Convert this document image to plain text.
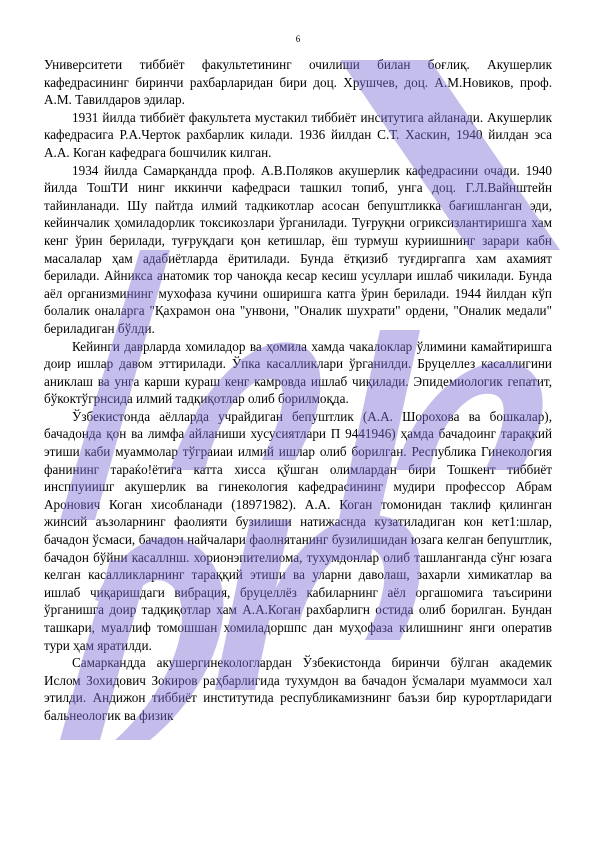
6

Университети тиббиёт факультетининг очилиши билан боғлиқ. Акушерлик кафедрасининг биринчи рахбарларидан бири доц. Хрушчев, доц. А.М.Новиков, проф. А.М. Тавилдаров эдилар.

1931 йилда тиббиёт факультета мустакил тиббиёт инситутига айланади. Акушерлик кафедрасига Р.А.Черток рахбарлик килади. 1936 йилдан С.Т. Хаскин, 1940 йилдан эса А.А. Коган кафедрага бошчилик килган.

1934 йилда Самарқандда проф. А.В.Поляков акушерлик кафедрасини очади. 1940 йилда ТошТИ нинг иккинчи кафедраси ташкил топиб, унга доц. Г.Л.Вайнштейн тайинланади. Шу пайтда илмий тадкикотлар асосан бепуштликка бағишланган эди, кейинчалик ҳомиладорлик токсикозлари ўрганилади. Туғруқни огриксизлантиришга хам кенг ўрин берилади, туғруқдаги қон кетишлар, ёш турмуш куриишнинг зарари кабн масалалар ҳам адабиётларда ёритилади. Бунда ётқизиб туғдиргапга хам ахамият берилади. Айникса анатомик тор чаноқда кесар кесиш усуллари ишлаб чикилади. Бунда аёл организмининг мухофаза кучини оширишга катга ўрин берилади. 1944 йилдан кўп болалик оналарга "Қахрамон она "унвони, "Оналик шухрати" ордени, "Оналик медали" бериладиган бўлди.

Кейинги даврларда хомиладор ва ҳомила хамда чакалоклар ўлимини камайтиришга доир ишлар давом эттирилади. Ўпка касалликлари ўрганилди. Бруцеллез касаллигини аниклаш ва унга карши кураш кенг камровда ишлаб чиқилади. Эпидемиологик гепатит, бўкоктўгрнсида илмий тадқиқотлар олиб борилмоқда.

Ўзбекистонда аёлларда учрайдиган бепуштлик (А.А. Шорохова ва бошкалар), бачадонда қон ва лимфа айланиши хусусиятлари П 9441946) ҳамда бачадоинг тарақкий этиши каби муаммолар тўграиаи илмий ишлар олиб борилган. Республика Гинекология фанининг тараќо!ётига катта хисса қўшган олимлардан бири Тошкент тиббиёт инсппуиишг акушерлик ва гинекология кафедрасининг мудири профессор Абрам Аронович Коган хисобланади (18971982). А.А. Коган томонидан таклиф қилинган жинсий аъзоларнинг фаолияти бузилиши натижаснда кузатиладиган кон кет1:шлар, бачадон ўсмаси, бачадон найчалари фаолнятанинг бузилишидан юзага келган бепуштлик, бачадон бўйни касаллнш. хорионэпителиома, тухумдонлар олиб ташланганда сўнг юзага келган касалликларнинг тараққий этиши ва уларни даволаш, захарли химикатлар ва ишлаб чиқаришдаги вибрация, бруцеллёз кабиларнинг аёл оргашомига таъсирини ўрганишга доир тадқиқотлар хам А.А.Коган рахбарлигн остида олиб борилган. Бундан ташкари, муаллиф томошшан хомиладоршпс дан муҳофаза килишнинг янги оператив тури ҳам яратилди.

Самаркандда акушергинекологлардан Ўзбекистонда биринчи бўлган академик Ислом Зохидович Зокиров раҳбарлигида тухумдон ва бачадон ўсмалари муаммоси хал этилди. Андижон тиббиёт институтида республикамизнинг баъзи бир курортларидаги бальнеологик ва физик
